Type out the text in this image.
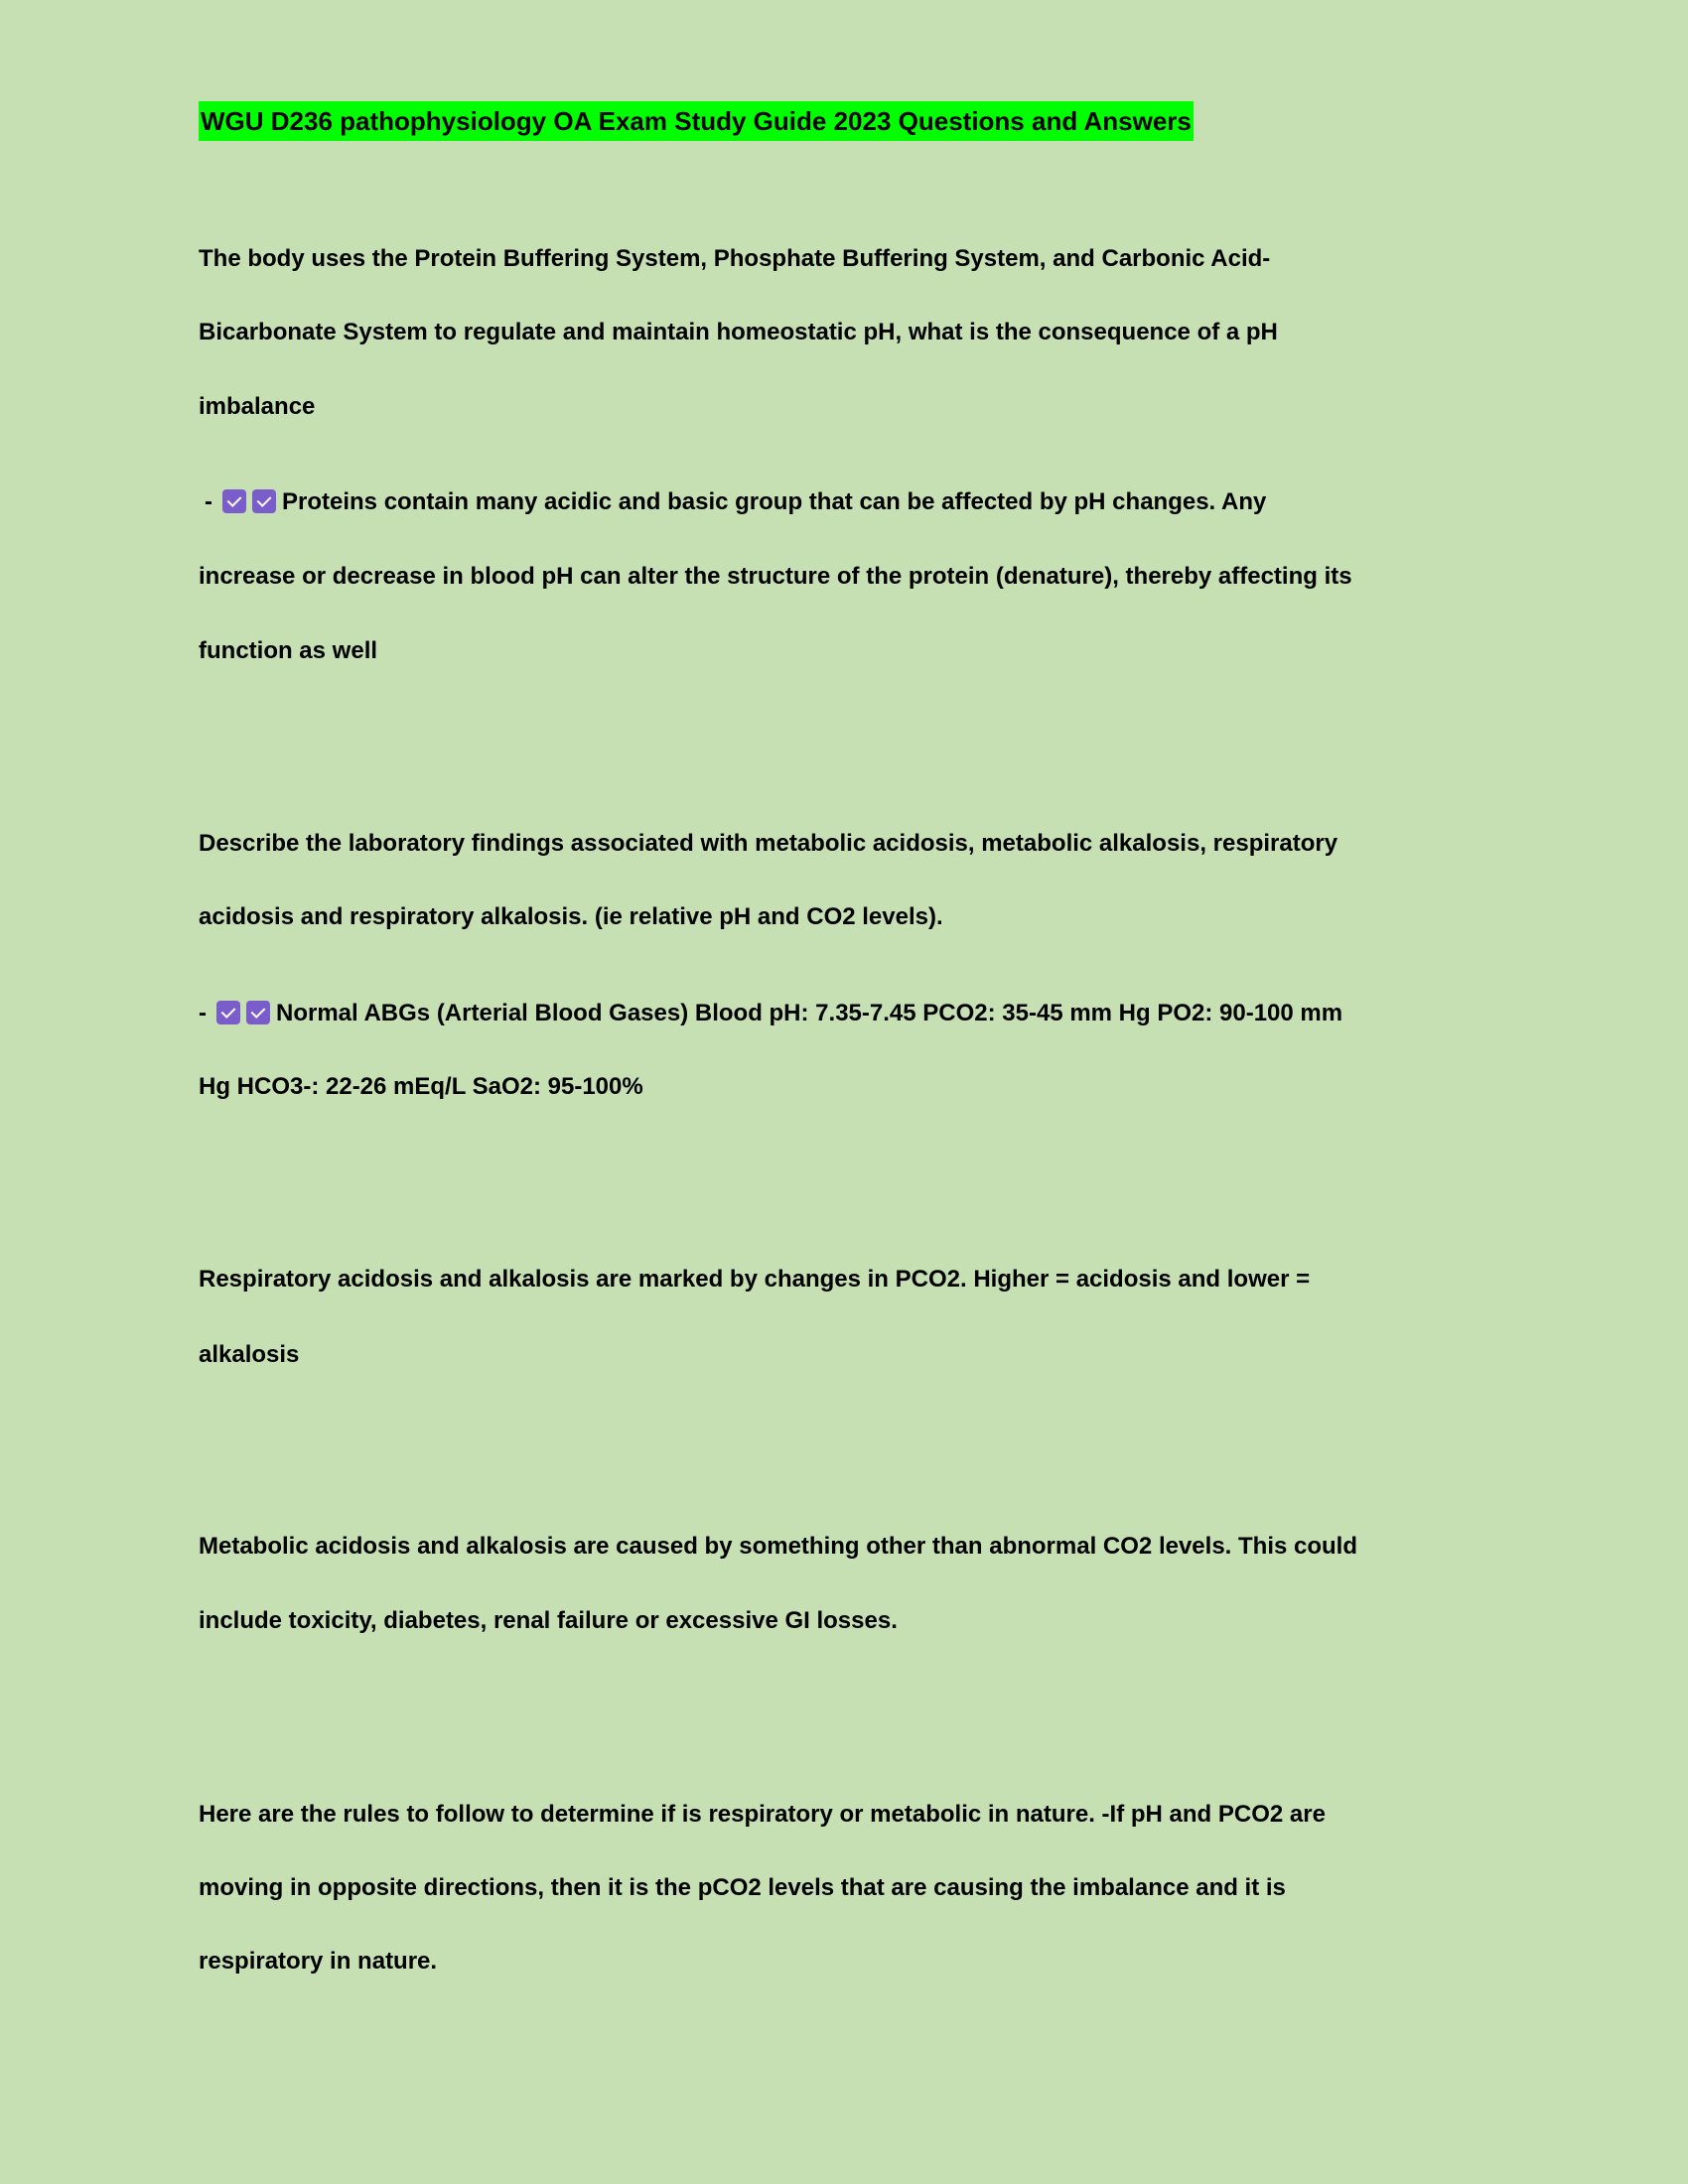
WGU D236 pathophysiology OA Exam Study Guide 2023 Questions and Answers
The body uses the Protein Buffering System, Phosphate Buffering System, and Carbonic Acid-
Bicarbonate System to regulate and maintain homeostatic pH, what is the consequence of a pH
imbalance
-	Proteins contain many acidic and basic group that can be affected by pH changes. Any
increase or decrease in blood pH can alter the structure of the protein (denature), thereby affecting its
function as well
Describe the laboratory findings associated with metabolic acidosis, metabolic alkalosis, respiratory
acidosis and respiratory alkalosis. (ie relative pH and CO2 levels).
-	Normal ABGs (Arterial Blood Gases) Blood pH: 7.35-7.45 PCO2: 35-45 mm Hg PO2: 90-100 mm
Hg HCO3-: 22-26 mEq/L SaO2: 95-100%
Respiratory acidosis and alkalosis are marked by changes in PCO2. Higher = acidosis and lower =
alkalosis
Metabolic acidosis and alkalosis are caused by something other than abnormal CO2 levels. This could
include toxicity, diabetes, renal failure or excessive GI losses.
Here are the rules to follow to determine if is respiratory or metabolic in nature. -If pH and PCO2 are
moving in opposite directions, then it is the pCO2 levels that are causing the imbalance and it is
respiratory in nature.
